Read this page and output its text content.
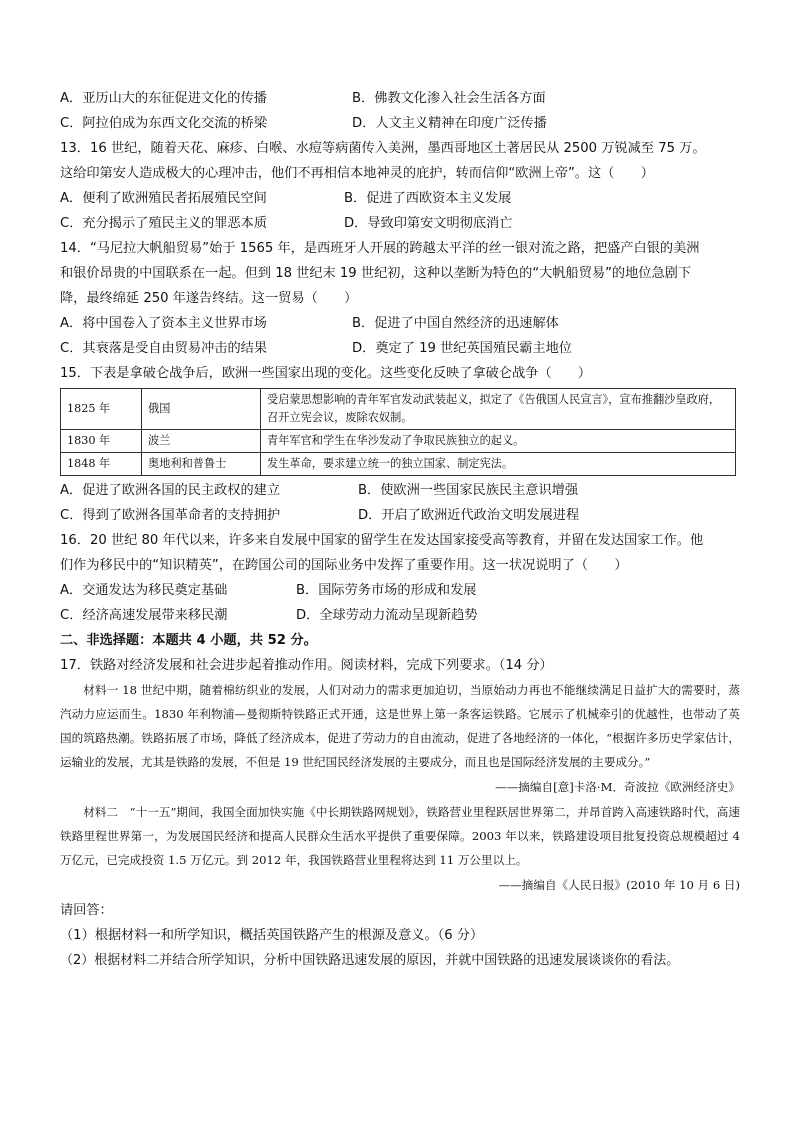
A．亚历山大的东征促进文化的传播	B．佛教文化渗入社会生活各方面
C．阿拉伯成为东西文化交流的桥梁	D．人文主义精神在印度广泛传播
13．16 世纪，随着天花、麻疹、白喉、水痘等病菌传入美洲，墨西哥地区土著居民从 2500 万锐减至 75 万。
这给印第安人造成极大的心理冲击，他们不再相信本地神灵的庇护，转而信仰“欧洲上帝”。这（　　）
A．便利了欧洲殖民者拓展殖民空间	B．促进了西欧资本主义发展
C．充分揭示了殖民主义的罪恶本质	D．导致印第安文明彻底消亡
14．“马尼拉大帆船贸易”始于 1565 年，是西班牙人开展的跨越太平洋的丝一银对流之路，把盛产白银的美洲
和银价昂贵的中国联系在一起。但到 18 世纪末 19 世纪初，这种以垄断为特色的“大帆船贸易”的地位急剧下
降，最终绵延 250 年遂告终结。这一贸易（　　）
A．将中国卷入了资本主义世界市场	B．促进了中国自然经济的迅速解体
C．其衰落是受自由贸易冲击的结果	D．奠定了 19 世纪英国殖民霸主地位
15．下表是拿破仑战争后，欧洲一些国家出现的变化。这些变化反映了拿破仑战争（　　）
1825 年	俄国	受启蒙思想影响的青年军官发动武装起义，拟定了《告俄国人民宣言》，宣布推翻沙皇政府，召开立宪会议，废除农奴制。
1830 年	波兰	青年军官和学生在华沙发动了争取民族独立的起义。
1848 年	奥地利和普鲁士	发生革命，要求建立统一的独立国家、制定宪法。
A．促进了欧洲各国的民主政权的建立	B．使欧洲一些国家民族民主意识增强
C．得到了欧洲各国革命者的支持拥护	D．开启了欧洲近代政治文明发展进程
16．20 世纪 80 年代以来，许多来自发展中国家的留学生在发达国家接受高等教育，并留在发达国家工作。他
们作为移民中的“知识精英”，在跨国公司的国际业务中发挥了重要作用。这一状况说明了（　　）
A．交通发达为移民奠定基础	B．国际劳务市场的形成和发展
C．经济高速发展带来移民潮	D．全球劳动力流动呈现新趋势
二、非选择题：本题共 4 小题，共 52 分。
17．铁路对经济发展和社会进步起着推动作用。阅读材料，完成下列要求。（14 分）

材料一 18 世纪中期，随着棉纺织业的发展，人们对动力的需求更加迫切，当原始动力再也不能继续满足日益扩大的需要时，蒸汽动力应运而生。1830 年利物浦—曼彻斯特铁路正式开通，这是世界上第一条客运铁路。它展示了机械牵引的优越性，也带动了英国的筑路热潮。铁路拓展了市场，降低了经济成本，促进了劳动力的自由流动，促进了各地经济的一体化，“根据许多历史学家估计，运输业的发展，尤其是铁路的发展，不但是 19 世纪国民经济发展的主要成分，而且也是国际经济发展的主要成分。”

——摘编自[意]卡洛·M．奇波拉《欧洲经济史》

材料二　“十一五”期间，我国全面加快实施《中长期铁路网规划》，铁路营业里程跃居世界第二，并昂首跨入高速铁路时代，高速铁路里程世界第一，为发展国民经济和提高人民群众生活水平提供了重要保障。2003 年以来，铁路建设项目批复投资总规模超过 4 万亿元，已完成投资 1.5 万亿元。到 2012 年，我国铁路营业里程将达到 11 万公里以上。

——摘编自《人民日报》(2010 年 10 月 6 日)
请回答：
（1）根据材料一和所学知识，概括英国铁路产生的根源及意义。（6 分）
（2）根据材料二并结合所学知识，分析中国铁路迅速发展的原因，并就中国铁路的迅速发展谈谈你的看法。
